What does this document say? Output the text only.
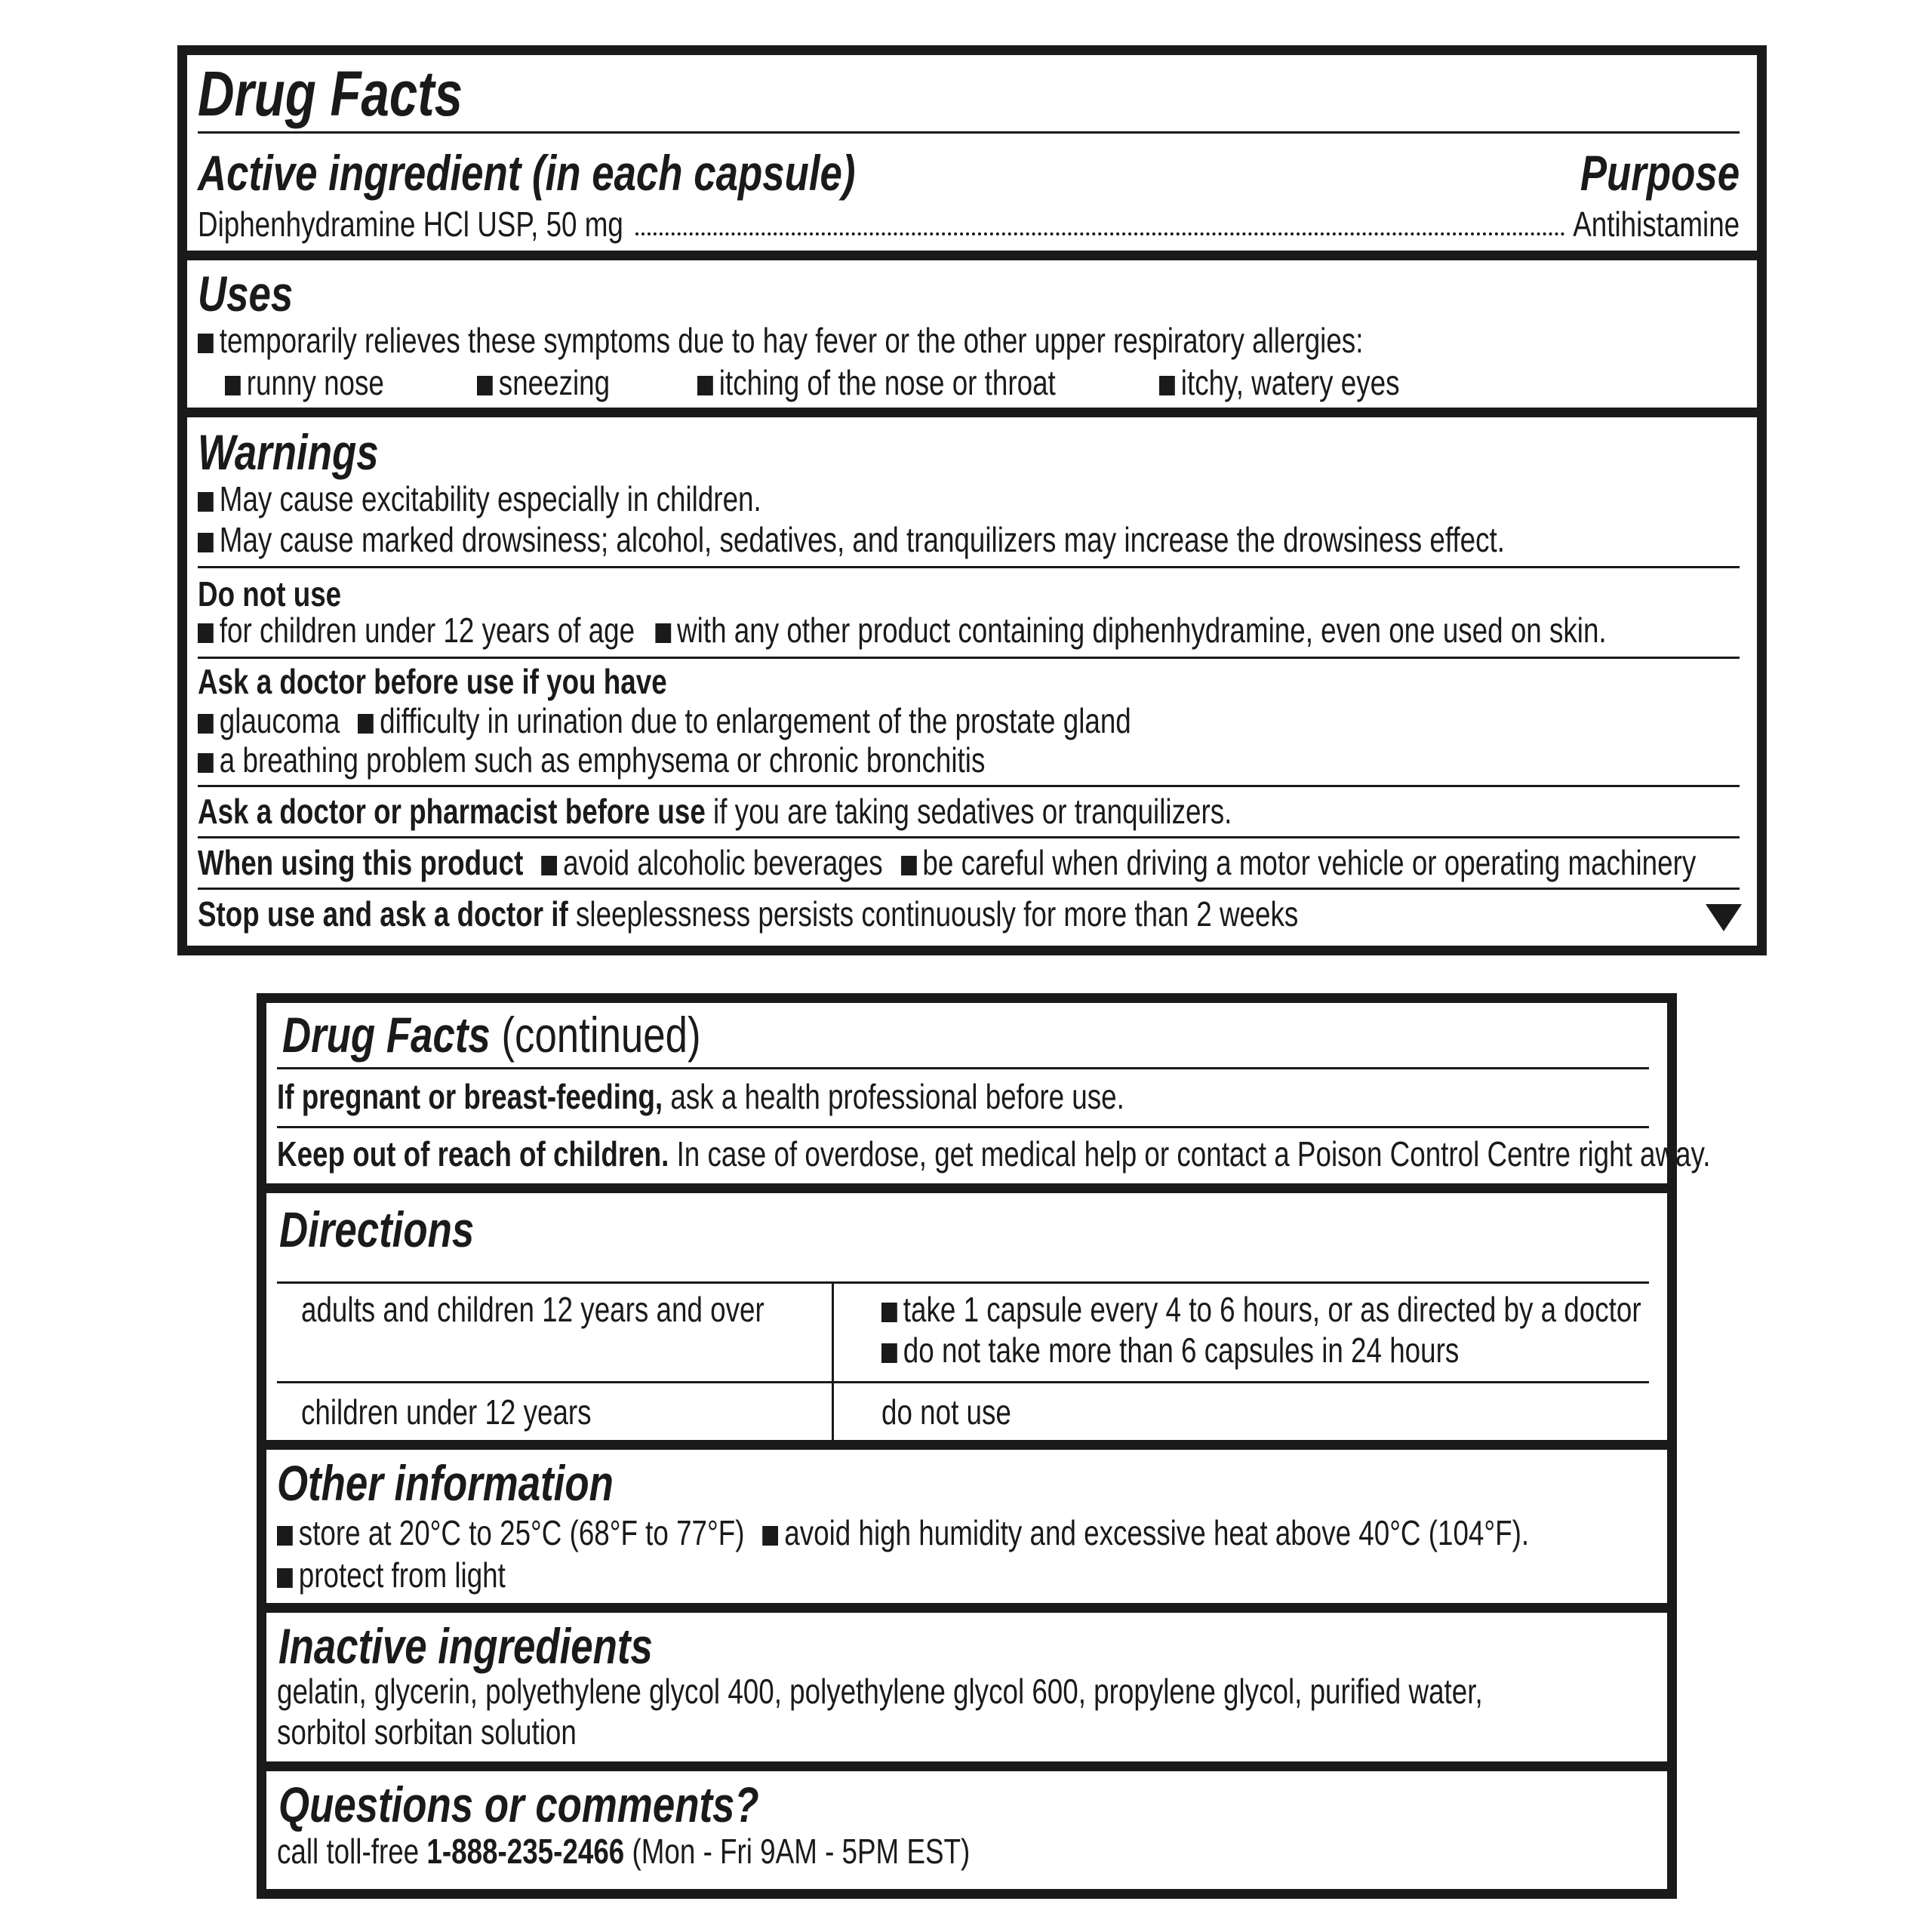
Drug Facts
Active ingredient (in each capsule)	Purpose
Diphenhydramine HCl USP, 50 mg	Antihistamine
Uses
temporarily relieves these symptoms due to hay fever or the other upper respiratory allergies:
runny nose	sneezing	itching of the nose or throat	itchy, watery eyes
Warnings
May cause excitability especially in children.
May cause marked drowsiness; alcohol, sedatives, and tranquilizers may increase the drowsiness effect.
Do not use
for children under 12 years of age with any other product containing diphenhydramine, even one used on skin.
Ask a doctor before use if you have
glaucoma difficulty in urination due to enlargement of the prostate gland
a breathing problem such as emphysema or chronic bronchitis
Ask a doctor or pharmacist before use if you are taking sedatives or tranquilizers.
When using this product avoid alcoholic beverages be careful when driving a motor vehicle or operating machinery
Stop use and ask a doctor if sleeplessness persists continuously for more than 2 weeks
Drug Facts (continued)
If pregnant or breast-feeding, ask a health professional before use.
Keep out of reach of children. In case of overdose, get medical help or contact a Poison Control Centre right away.
Directions
adults and children 12 years and over	take 1 capsule every 4 to 6 hours, or as directed by a doctor
do not take more than 6 capsules in 24 hours
children under 12 years	do not use
Other information
store at 20°C to 25°C (68°F to 77°F) avoid high humidity and excessive heat above 40°C (104°F).
protect from light
Inactive ingredients
gelatin, glycerin, polyethylene glycol 400, polyethylene glycol 600, propylene glycol, purified water,
sorbitol sorbitan solution
Questions or comments?
call toll-free 1-888-235-2466 (Mon - Fri 9AM - 5PM EST)
